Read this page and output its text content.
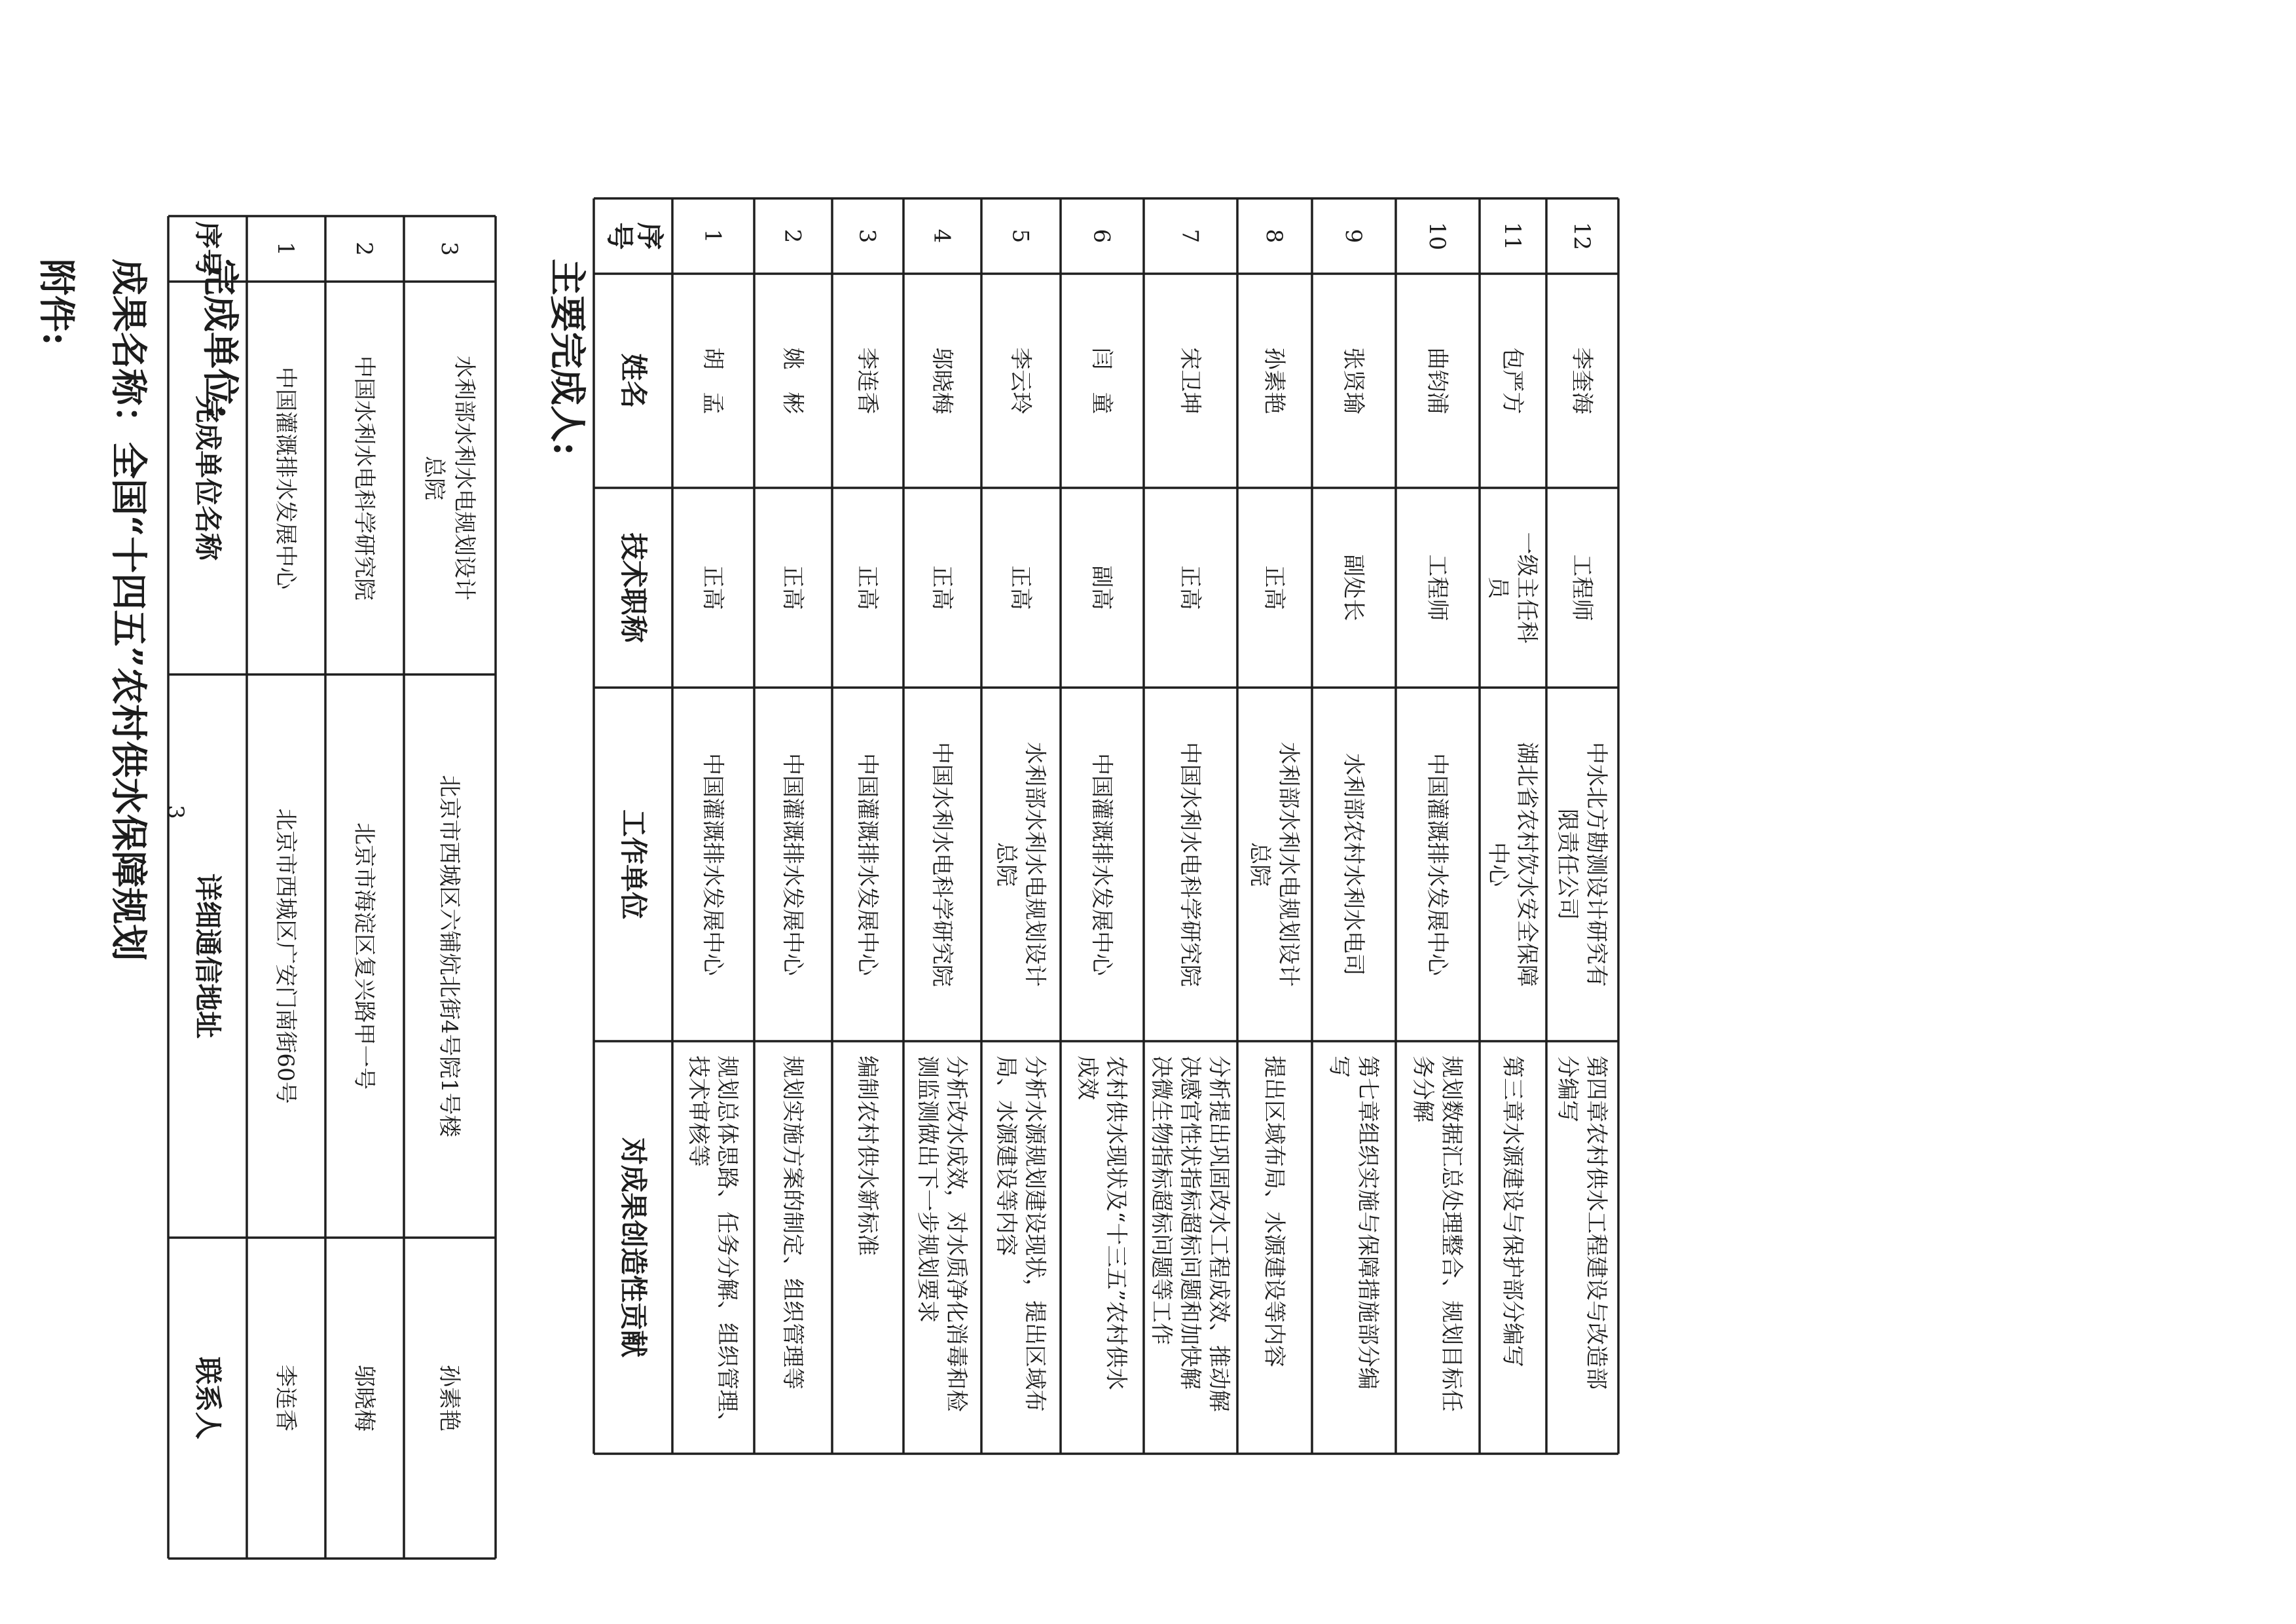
附件: 成果名称：全国“十四五”农村供水保障规划 完成单位:
序号
完成单位名称
详细通信地址
联系人
1
中国灌溉排水发展中心
北京市西城区广安门南街60号
李连香
2
中国水利水电科学研究院
北京市海淀区复兴路甲一号
邬晓梅
3
水利部水利水电规划设计
总院
北京市西城区六铺炕北街4号院1号楼
孙素艳
主要完成人:
序
号
姓名
技术职称
工作单位
对成果创造性贡献
1
胡　孟
正高
中国灌溉排水发展中心
规划总体思路、任务分解、组织管理、
技术审核等
2
姚　彬
正高
中国灌溉排水发展中心
规划实施方案的制定、组织管理等
3
李连香
正高
中国灌溉排水发展中心
编制农村供水新标准
4
邬晓梅
正高
中国水利水电科学研究院
分析改水成效，对水质净化消毒和检
测监测做出下一步规划要求
5
李云玲
正高
水利部水利水电规划设计
总院
分析水源规划建设现状，提出区域布
局、水源建设等内容
6
闫　童
副高
中国灌溉排水发展中心
农村供水现状及“十三五”农村供水
成效
7
宋卫坤
正高
中国水利水电科学研究院
分析提出巩固改水工程成效、推动解
决感官性状指标超标问题和加快解
决微生物指标超标问题等工作
8
孙素艳
正高
水利部水利水电规划设计
总院
提出区域布局、水源建设等内容
9
张贤瑜
副处长
水利部农村水利水电司
第七章组织实施与保障措施部分编
写
10
曲钧浦
工程师
中国灌溉排水发展中心
规划数据汇总处理整合、规划目标任
务分解
11
包严方
一级主任科
员
湖北省农村饮水安全保障
中心
第三章水源建设与保护部分编写
12
李奎海
工程师
中水北方勘测设计研究有
限责任公司
第四章农村供水工程建设与改造部
分编写
3
